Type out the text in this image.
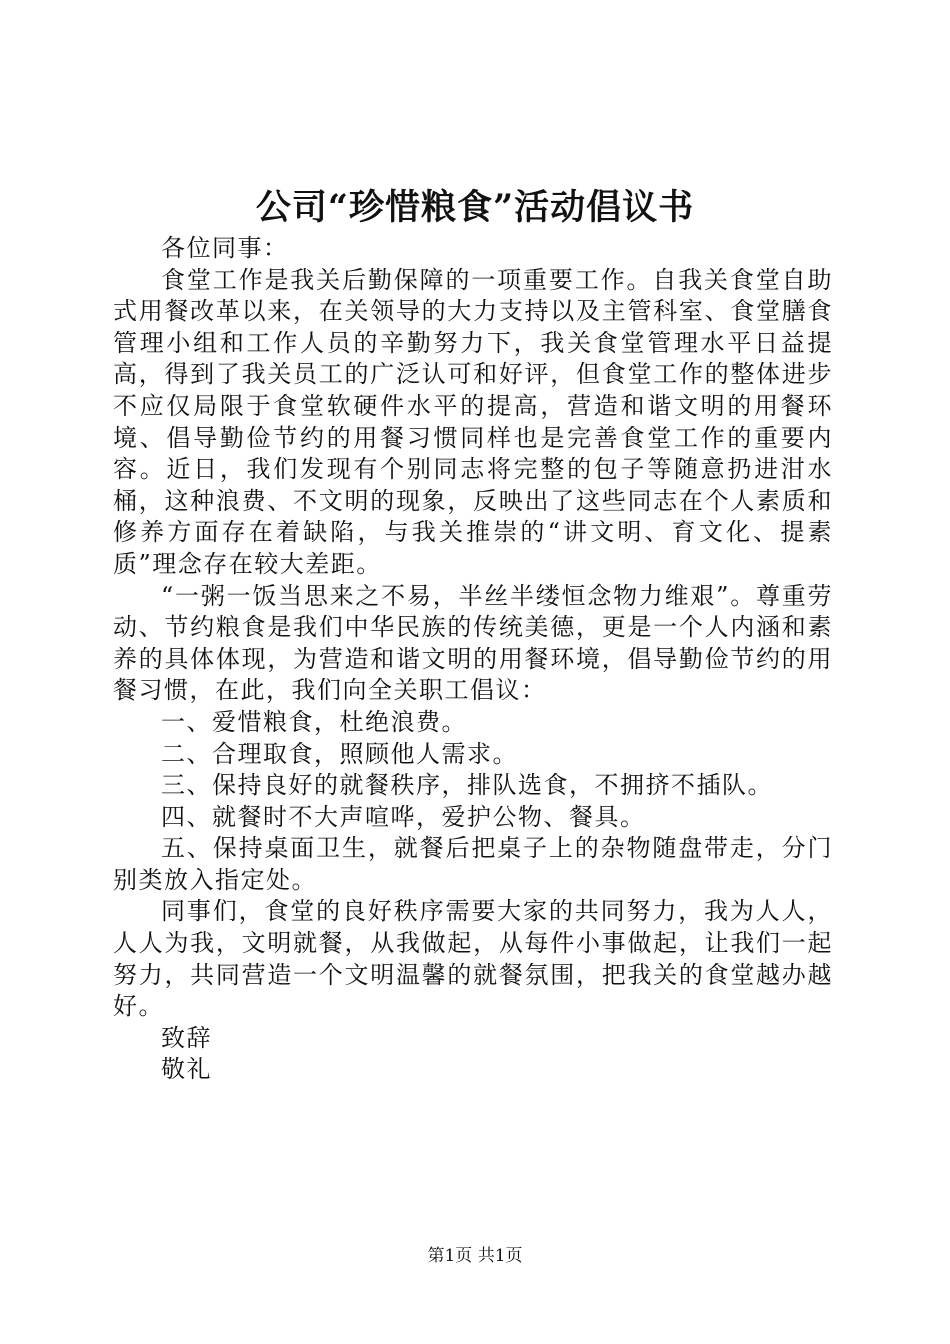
公司“珍惜粮食”活动倡议书

各位同事：

食堂工作是我关后勤保障的一项重要工作。自我关食堂自助式用餐改革以来，在关领导的大力支持以及主管科室、食堂膳食管理小组和工作人员的辛勤努力下，我关食堂管理水平日益提高，得到了我关员工的广泛认可和好评，但食堂工作的整体进步不应仅局限于食堂软硬件水平的提高，营造和谐文明的用餐环境、倡导勤俭节约的用餐习惯同样也是完善食堂工作的重要内容。近日，我们发现有个别同志将完整的包子等随意扔进泔水桶，这种浪费、不文明的现象，反映出了这些同志在个人素质和修养方面存在着缺陷，与我关推崇的“讲文明、育文化、提素质”理念存在较大差距。

“一粥一饭当思来之不易，半丝半缕恒念物力维艰”。尊重劳动、节约粮食是我们中华民族的传统美德，更是一个人内涵和素养的具体体现，为营造和谐文明的用餐环境，倡导勤俭节约的用餐习惯，在此，我们向全关职工倡议：

一、爱惜粮食，杜绝浪费。

二、合理取食，照顾他人需求。

三、保持良好的就餐秩序，排队选食，不拥挤不插队。

四、就餐时不大声喧哗，爱护公物、餐具。

五、保持桌面卫生，就餐后把桌子上的杂物随盘带走，分门别类放入指定处。

同事们，食堂的良好秩序需要大家的共同努力，我为人人，人人为我，文明就餐，从我做起，从每件小事做起，让我们一起努力，共同营造一个文明温馨的就餐氛围，把我关的食堂越办越好。

致辞

敬礼

第1页 共1页
